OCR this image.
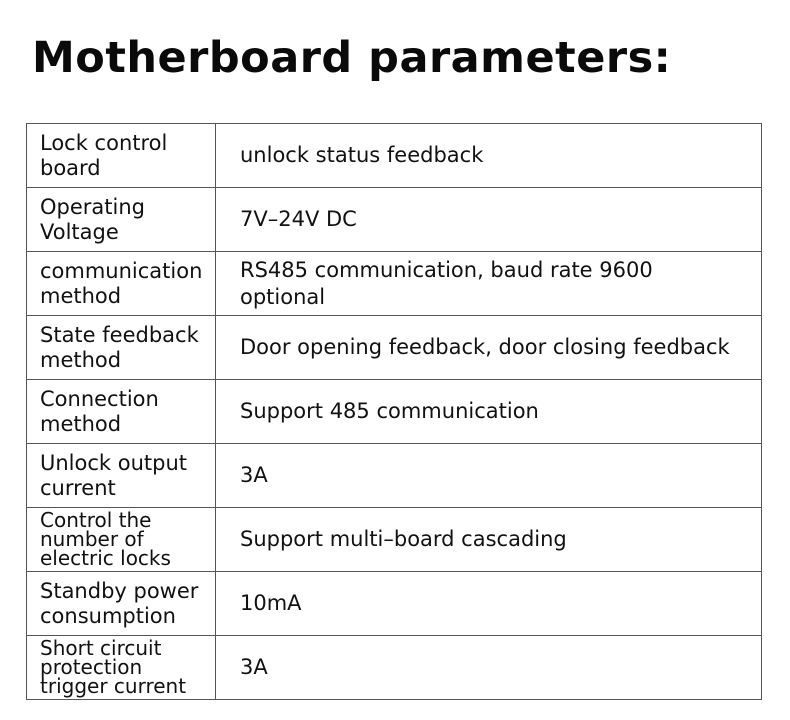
Motherboard parameters:
Lock control board	unlock status feedback
Operating Voltage	7V–24V DC
communication method	RS485 communication, baud rate 9600 optional
State feedback method	Door opening feedback, door closing feedback
Connection method	Support 485 communication
Unlock output current	3A
Control the number of electric locks	Support multi–board cascading
Standby power consumption	10mA
Short circuit protection trigger current	3A
